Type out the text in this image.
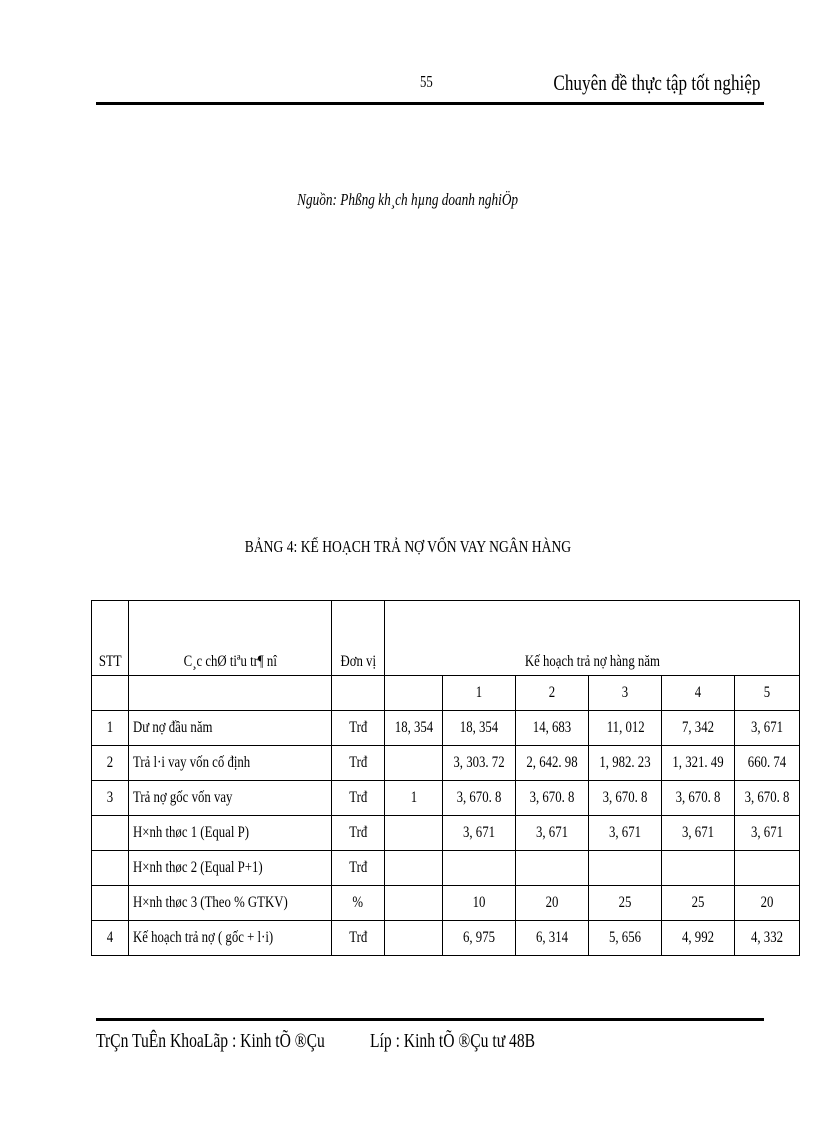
55	Chuyên đề thực tập tốt nghiệp
Nguồn: Phßng kh¸ch hµng doanh nghiÖp
BẢNG 4: KẾ HOẠCH TRẢ NỢ VỐN VAY NGÂN HÀNG
STT	C¸c chØ tiªu tr¶ nî	Đơn vị	Kế hoạch trả nợ hàng năm					
				1	2	3	4	5
1	Dư nợ đầu năm	Trđ	18, 354	18, 354	14, 683	11, 012	7, 342	3, 671
2	Trả l·i vay vốn cố định	Trđ		3, 303. 72	2, 642. 98	1, 982. 23	1, 321. 49	660. 74
3	Trả nợ gốc vốn vay	Trđ	1	3, 670. 8	3, 670. 8	3, 670. 8	3, 670. 8	3, 670. 8
	H×nh thøc 1 (Equal P)	Trđ		3, 671	3, 671	3, 671	3, 671	3, 671
	H×nh thøc 2 (Equal P+1)	Trđ						
	H×nh thøc 3 (Theo % GTKV)	%		10	20	25	25	20
4	Kế hoạch trả nợ ( gốc + l·i)	Trđ		6, 975	6, 314	5, 656	4, 992	4, 332
TrÇn TuÊn KhoaLãp : Kinh tÕ ®Çu Líp : Kinh tÕ ®Çu tư 48B
